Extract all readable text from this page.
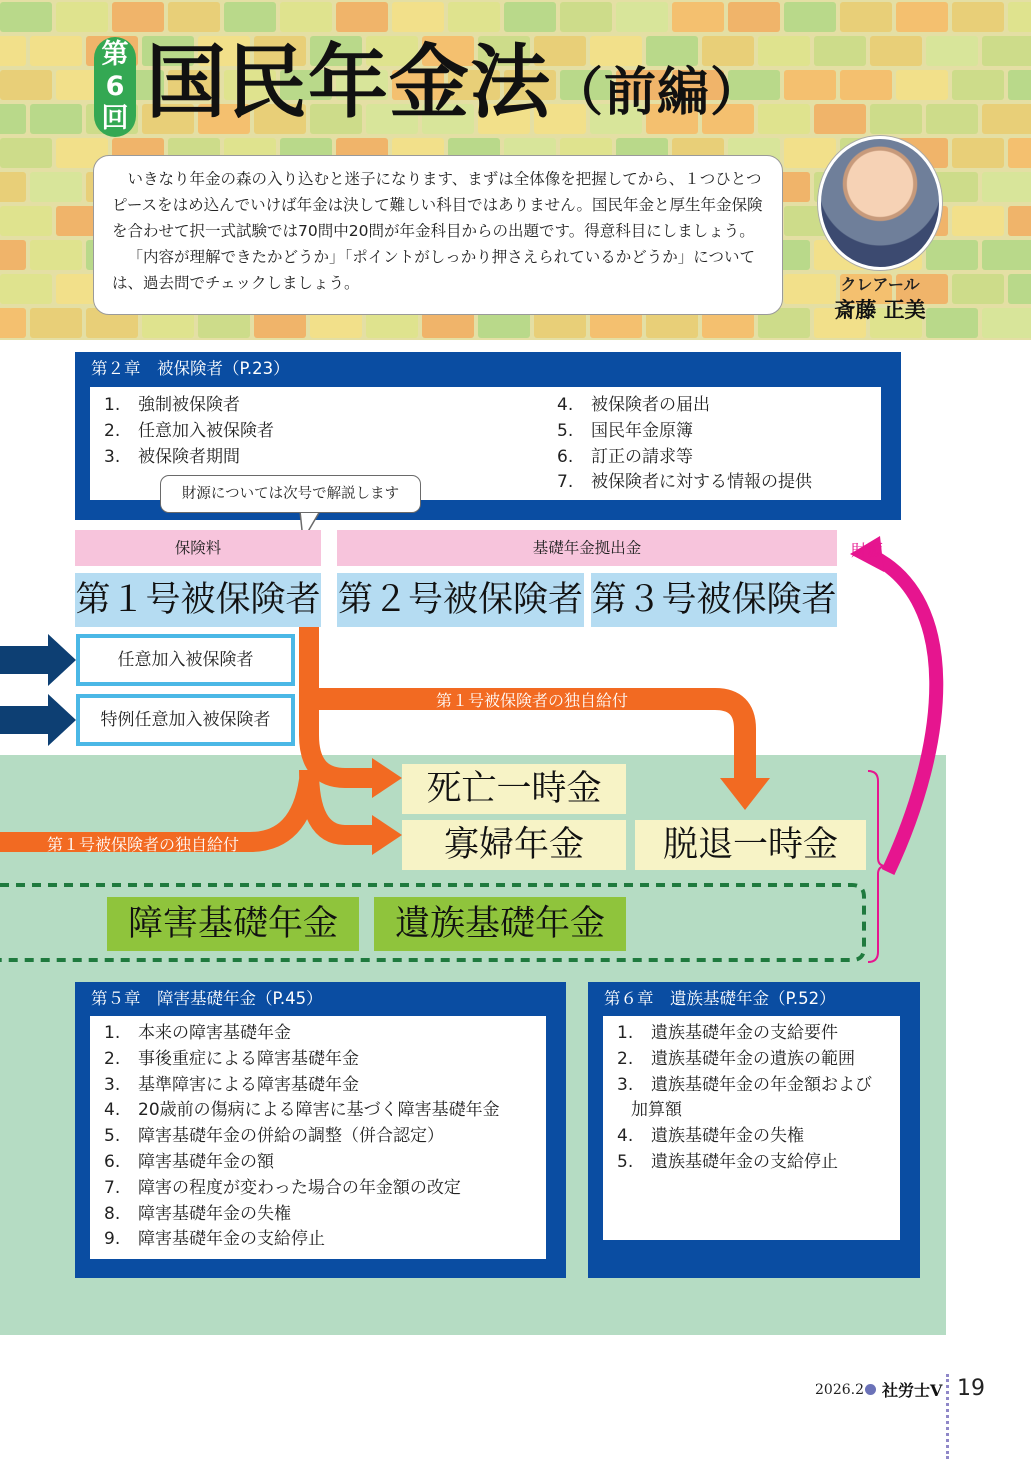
第
6
回 国民年金法（前編）

いきなり年金の森の入り込むと迷子になります、まずは全体像を把握してから、１つひとつピースをはめ込んでいけば年金は決して難しい科目ではありません。国民年金と厚生年金保険を合わせて択一式試験では70問中20問が年金科目からの出題です。得意科目にしましょう。

「内容が理解できたかどうか」「ポイントがしっかり押さえられているかどうか」については、過去問でチェックしましょう。	クレアール
斎藤 正美
第２章　被保険者（P.23）
1. 強制被保険者
2. 任意加入被保険者
3. 被保険者期間
4. 被保険者の届出
5. 国民年金原簿
6. 訂正の請求等
7. 被保険者に対する情報の提供
財源については次号で解説します
保険料	基礎年金拠出金	財源
第１号被保険者 第２号被保険者 第３号被保険者
任意加入被保険者
特例任意加入被保険者
第１号被保険者の独自給付
第１号被保険者の独自給付
死亡一時金
寡婦年金	脱退一時金
障害基礎年金	遺族基礎年金
第５章　障害基礎年金（P.45）
1. 本来の障害基礎年金
2. 事後重症による障害基礎年金
3. 基準障害による障害基礎年金
4. 20歳前の傷病による障害に基づく障害基礎年金
5. 障害基礎年金の併給の調整（併合認定）
6. 障害基礎年金の額
7. 障害の程度が変わった場合の年金額の改定
8. 障害基礎年金の失権
9. 障害基礎年金の支給停止
第６章　遺族基礎年金（P.52）
1. 遺族基礎年金の支給要件
2. 遺族基礎年金の遺族の範囲
3. 遺族基礎年金の年金額および
加算額
4. 遺族基礎年金の失権
5. 遺族基礎年金の支給停止
2026.2 社労士V 19
